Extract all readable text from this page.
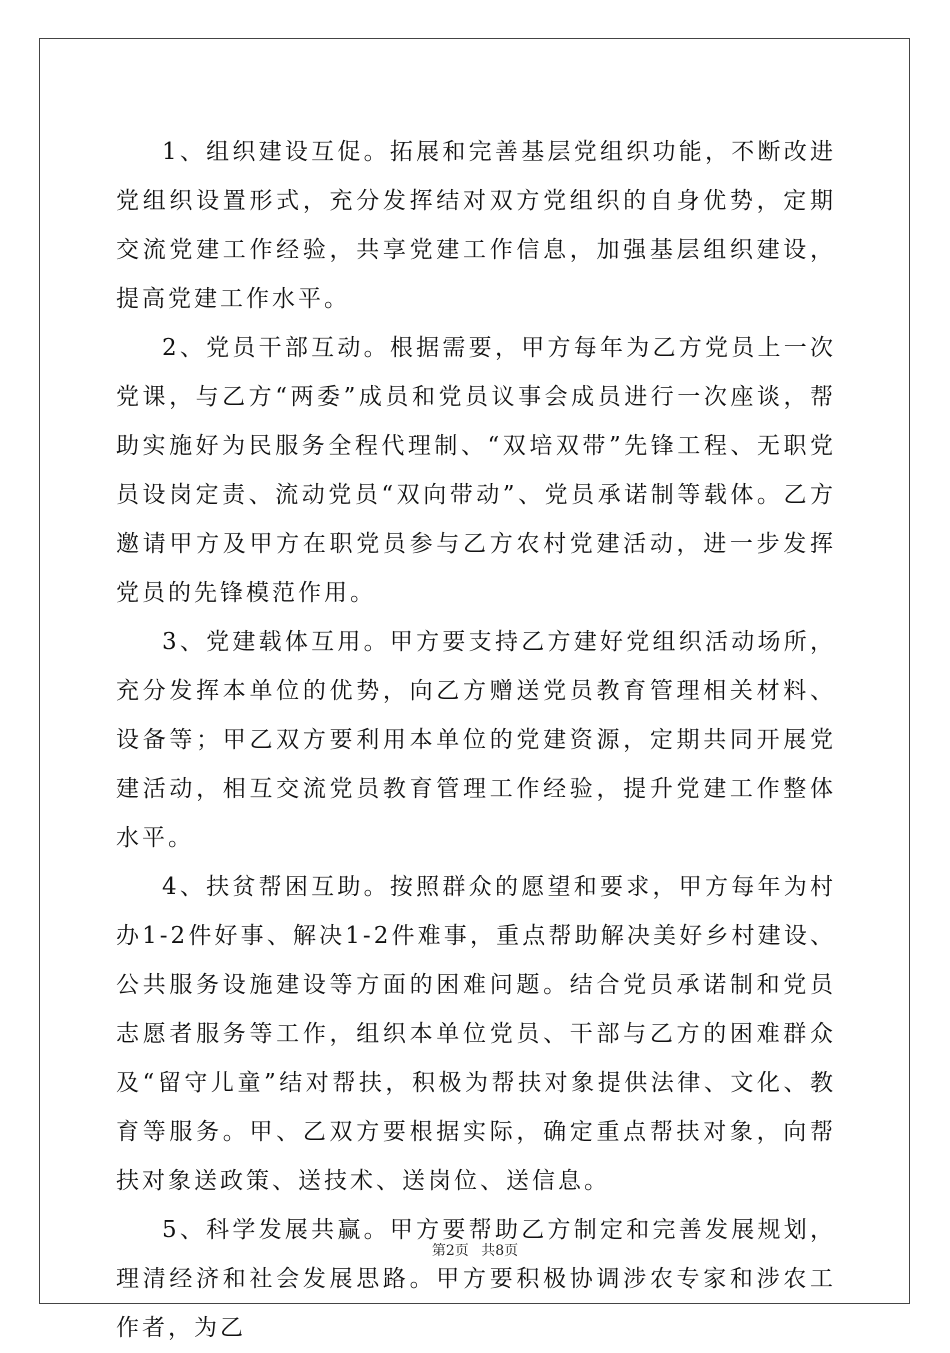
1、组织建设互促。拓展和完善基层党组织功能，不断改进党组织设置形式，充分发挥结对双方党组织的自身优势，定期交流党建工作经验，共享党建工作信息，加强基层组织建设，提高党建工作水平。

2、党员干部互动。根据需要，甲方每年为乙方党员上一次党课，与乙方“两委”成员和党员议事会成员进行一次座谈，帮助实施好为民服务全程代理制、“双培双带”先锋工程、无职党员设岗定责、流动党员“双向带动”、党员承诺制等载体。乙方邀请甲方及甲方在职党员参与乙方农村党建活动，进一步发挥党员的先锋模范作用。

3、党建载体互用。甲方要支持乙方建好党组织活动场所，充分发挥本单位的优势，向乙方赠送党员教育管理相关材料、设备等；甲乙双方要利用本单位的党建资源，定期共同开展党建活动，相互交流党员教育管理工作经验，提升党建工作整体水平。

4、扶贫帮困互助。按照群众的愿望和要求，甲方每年为村办1-2件好事、解决1-2件难事，重点帮助解决美好乡村建设、公共服务设施建设等方面的困难问题。结合党员承诺制和党员志愿者服务等工作，组织本单位党员、干部与乙方的困难群众及“留守儿童”结对帮扶，积极为帮扶对象提供法律、文化、教育等服务。甲、乙双方要根据实际，确定重点帮扶对象，向帮扶对象送政策、送技术、送岗位、送信息。

5、科学发展共赢。甲方要帮助乙方制定和完善发展规划，理清经济和社会发展思路。甲方要积极协调涉农专家和涉农工作者，为乙

第2页 共8页
